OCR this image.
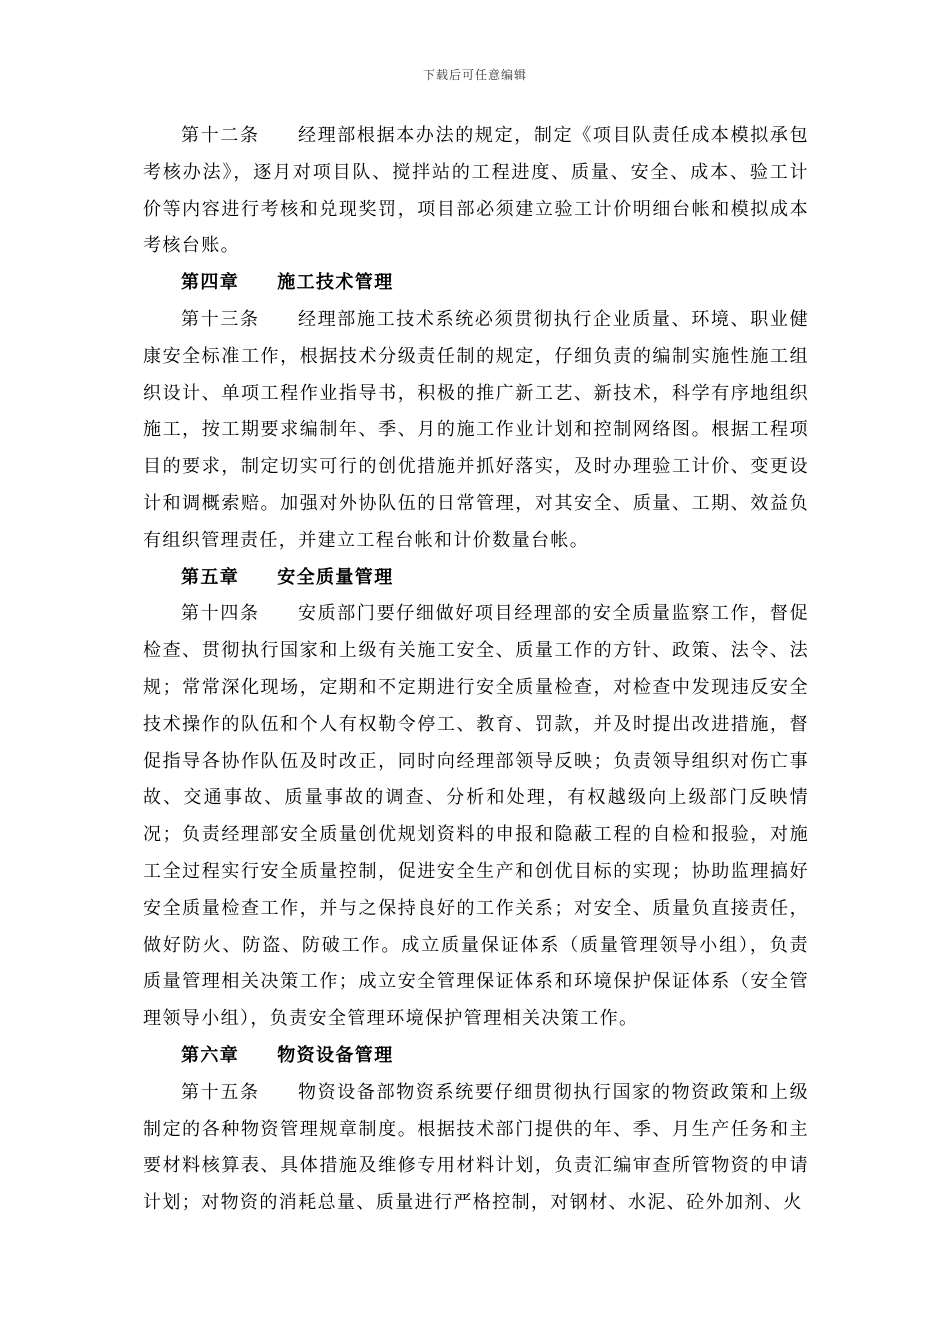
下载后可任意编辑

第十二条 经理部根据本办法的规定，制定《项目队责任成本模拟承包考核办法》，逐月对项目队、搅拌站的工程进度、质量、安全、成本、验工计价等内容进行考核和兑现奖罚，项目部必须建立验工计价明细台帐和模拟成本考核台账。

第四章 施工技术管理

第十三条 经理部施工技术系统必须贯彻执行企业质量、环境、职业健康安全标准工作，根据技术分级责任制的规定，仔细负责的编制实施性施工组织设计、单项工程作业指导书，积极的推广新工艺、新技术，科学有序地组织施工，按工期要求编制年、季、月的施工作业计划和控制网络图。根据工程项目的要求，制定切实可行的创优措施并抓好落实，及时办理验工计价、变更设计和调概索赔。加强对外协队伍的日常管理，对其安全、质量、工期、效益负有组织管理责任，并建立工程台帐和计价数量台帐。

第五章 安全质量管理

第十四条 安质部门要仔细做好项目经理部的安全质量监察工作，督促检查、贯彻执行国家和上级有关施工安全、质量工作的方针、政策、法令、法规；常常深化现场，定期和不定期进行安全质量检查，对检查中发现违反安全技术操作的队伍和个人有权勒令停工、教育、罚款，并及时提出改进措施，督促指导各协作队伍及时改正，同时向经理部领导反映；负责领导组织对伤亡事故、交通事故、质量事故的调查、分析和处理，有权越级向上级部门反映情况；负责经理部安全质量创优规划资料的申报和隐蔽工程的自检和报验，对施工全过程实行安全质量控制，促进安全生产和创优目标的实现；协助监理搞好安全质量检查工作，并与之保持良好的工作关系；对安全、质量负直接责任，做好防火、防盗、防破工作。成立质量保证体系（质量管理领导小组），负责质量管理相关决策工作；成立安全管理保证体系和环境保护保证体系（安全管理领导小组），负责安全管理环境保护管理相关决策工作。

第六章 物资设备管理

第十五条 物资设备部物资系统要仔细贯彻执行国家的物资政策和上级制定的各种物资管理规章制度。根据技术部门提供的年、季、月生产任务和主要材料核算表、具体措施及维修专用材料计划，负责汇编审查所管物资的申请计划；对物资的消耗总量、质量进行严格控制，对钢材、水泥、砼外加剂、火
